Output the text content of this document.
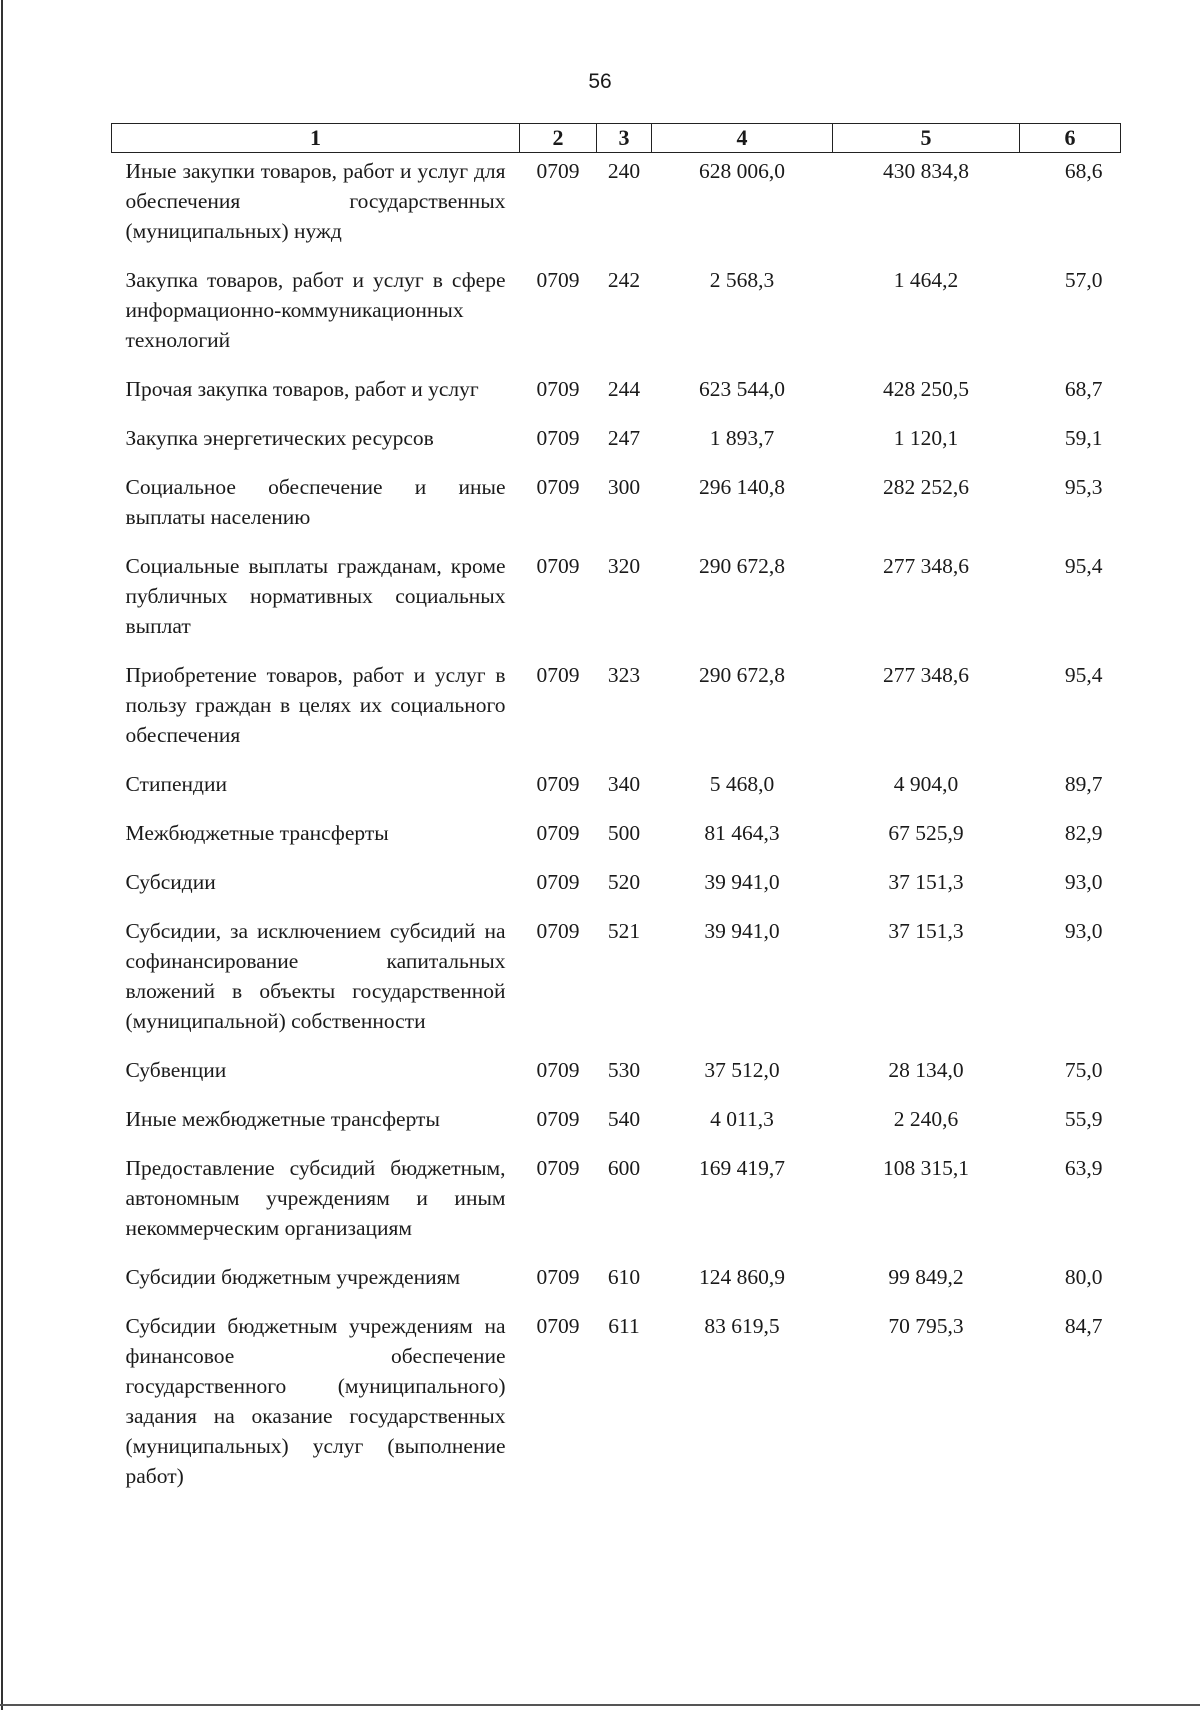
56
1	2	3	4	5	6
Иные закупки товаров, работ и услуг для обеспечения государственных (муниципальных) нужд	0709	240	628 006,0	430 834,8	68,6
Закупка товаров, работ и услуг в сфере информационно-коммуникационных технологий	0709	242	2 568,3	1 464,2	57,0
Прочая закупка товаров, работ и услуг	0709	244	623 544,0	428 250,5	68,7
Закупка энергетических ресурсов	0709	247	1 893,7	1 120,1	59,1
Социальное обеспечение и иные выплаты населению	0709	300	296 140,8	282 252,6	95,3
Социальные выплаты гражданам, кроме публичных нормативных социальных выплат	0709	320	290 672,8	277 348,6	95,4
Приобретение товаров, работ и услуг в пользу граждан в целях их социального обеспечения	0709	323	290 672,8	277 348,6	95,4
Стипендии	0709	340	5 468,0	4 904,0	89,7
Межбюджетные трансферты	0709	500	81 464,3	67 525,9	82,9
Субсидии	0709	520	39 941,0	37 151,3	93,0
Субсидии, за исключением субсидий на софинансирование капитальных вложений в объекты государственной (муниципальной) собственности	0709	521	39 941,0	37 151,3	93,0
Субвенции	0709	530	37 512,0	28 134,0	75,0
Иные межбюджетные трансферты	0709	540	4 011,3	2 240,6	55,9
Предоставление субсидий бюджетным, автономным учреждениям и иным некоммерческим организациям	0709	600	169 419,7	108 315,1	63,9
Субсидии бюджетным учреждениям	0709	610	124 860,9	99 849,2	80,0
Субсидии бюджетным учреждениям на финансовое обеспечение государственного (муниципального) задания на оказание государственных (муниципальных) услуг (выполнение работ)	0709	611	83 619,5	70 795,3	84,7
